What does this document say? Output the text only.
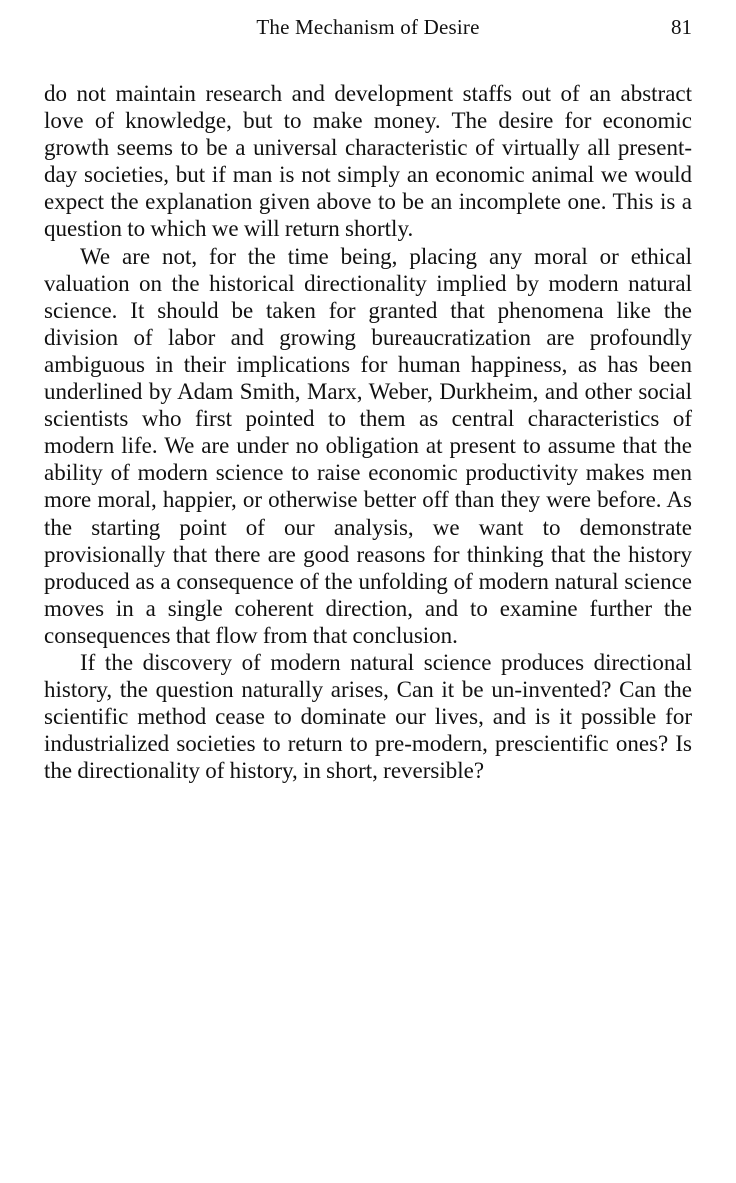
The Mechanism of Desire	81

do not maintain research and development staffs out of an abstract love of knowledge, but to make money. The desire for economic growth seems to be a universal characteristic of virtually all present-day societies, but if man is not simply an economic animal we would expect the explanation given above to be an incomplete one. This is a question to which we will return shortly.

We are not, for the time being, placing any moral or ethical valuation on the historical directionality implied by modern natural science. It should be taken for granted that phenomena like the division of labor and growing bureaucratization are profoundly ambiguous in their implications for human happiness, as has been underlined by Adam Smith, Marx, Weber, Durkheim, and other social scientists who first pointed to them as central characteristics of modern life. We are under no obligation at present to assume that the ability of modern science to raise economic productivity makes men more moral, happier, or otherwise better off than they were before. As the starting point of our analysis, we want to demonstrate provisionally that there are good reasons for thinking that the history produced as a consequence of the unfolding of modern natural science moves in a single coherent direction, and to examine further the consequences that flow from that conclusion.

If the discovery of modern natural science produces directional history, the question naturally arises, Can it be un-invented? Can the scientific method cease to dominate our lives, and is it possible for industrialized societies to return to pre-modern, prescientific ones? Is the directionality of history, in short, reversible?
